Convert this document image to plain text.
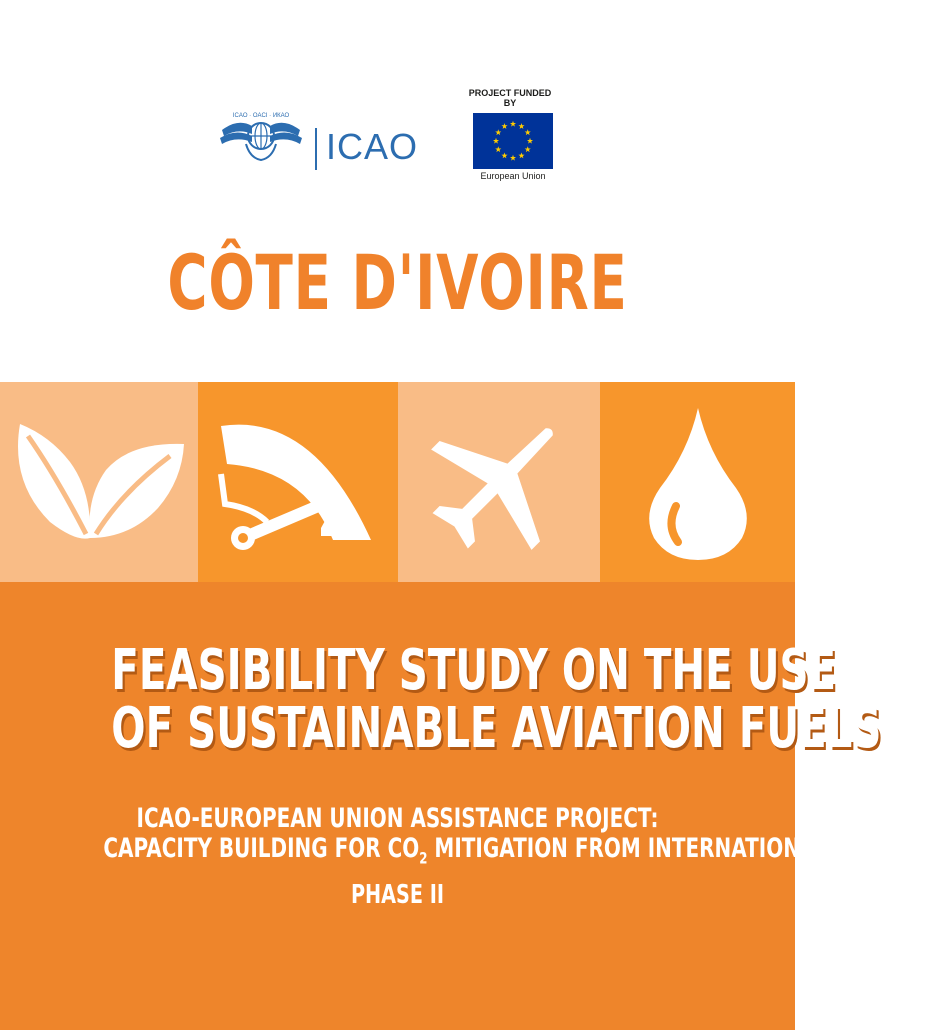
ICAO · OACI · ИКАО
ICAO
PROJECT FUNDED BY
European Union
CÔTE D'IVOIRE
FEASIBILITY STUDY ON THE USE
OF SUSTAINABLE AVIATION FUELS
ICAO-EUROPEAN UNION ASSISTANCE PROJECT:
CAPACITY BUILDING FOR $CO_2$ MITIGATION FROM INTERNATIONAL AVIATION
PHASE II
